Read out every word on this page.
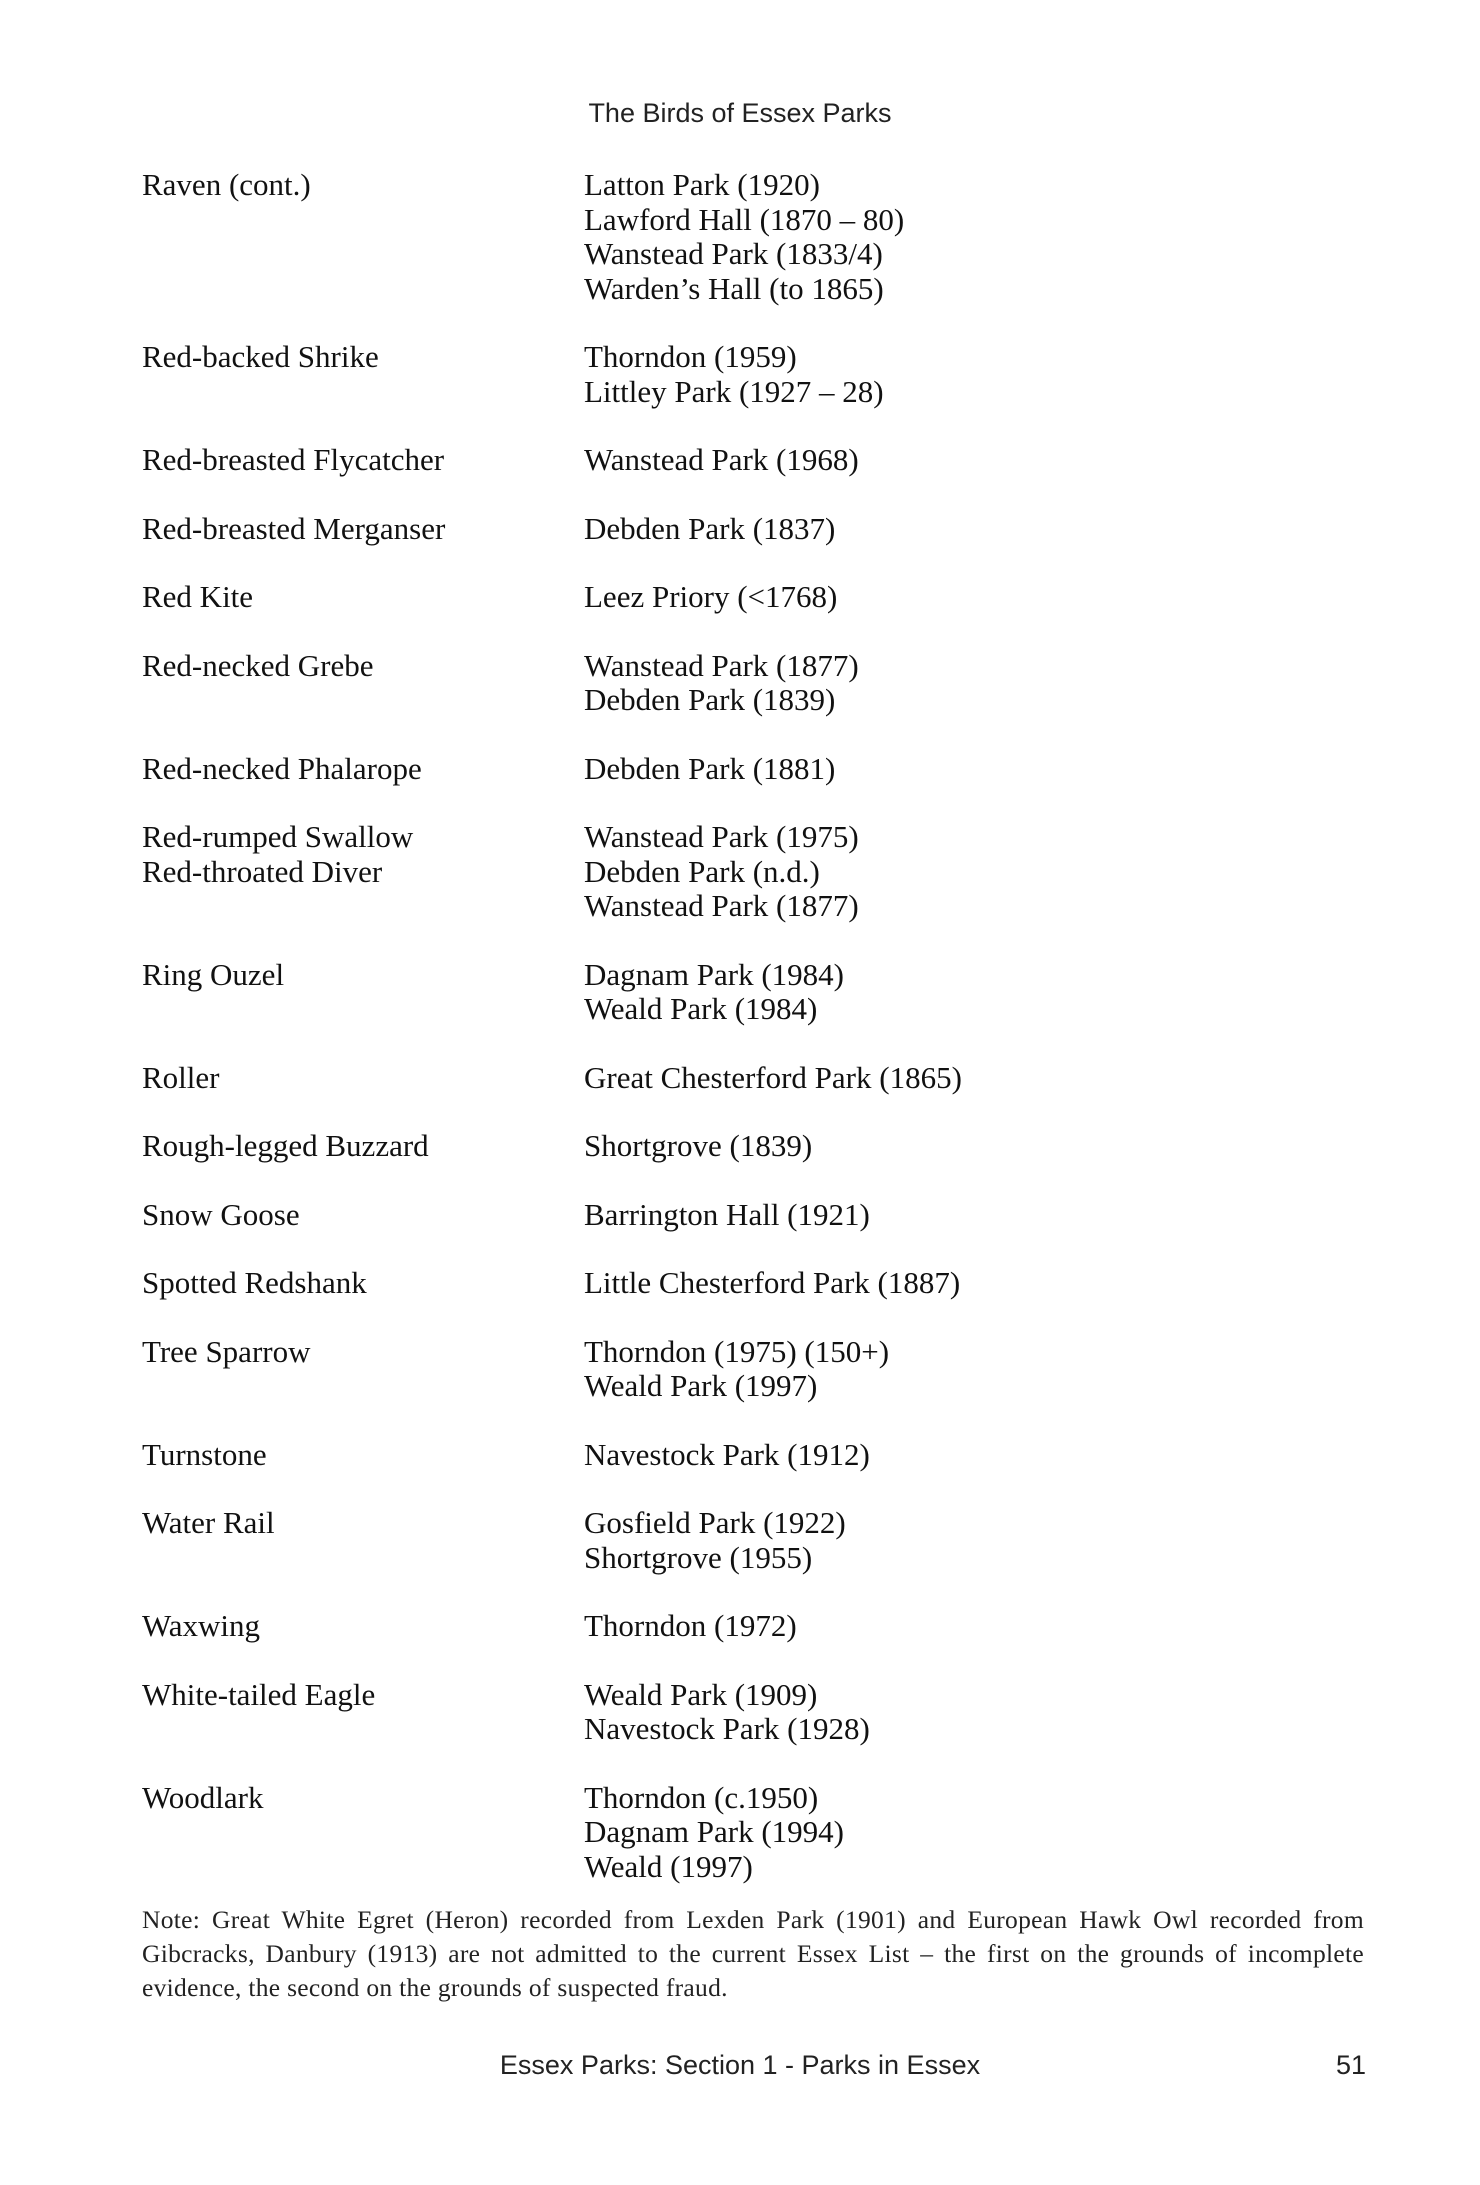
The Birds of Essex Parks
Raven (cont.)	Latton Park (1920)
Lawford Hall (1870 – 80)
Wanstead Park (1833/4)
Warden’s Hall (to 1865)
Red-backed Shrike	Thorndon (1959)
Littley Park (1927 – 28)
Red-breasted Flycatcher	Wanstead Park (1968)
Red-breasted Merganser	Debden Park (1837)
Red Kite	Leez Priory (<1768)
Red-necked Grebe	Wanstead Park (1877)
Debden Park (1839)
Red-necked Phalarope	Debden Park (1881)
Red-rumped Swallow	Wanstead Park (1975)
Red-throated Diver	Debden Park (n.d.)
Wanstead Park (1877)
Ring Ouzel	Dagnam Park (1984)
Weald Park (1984)
Roller	Great Chesterford Park (1865)
Rough-legged Buzzard	Shortgrove (1839)
Snow Goose	Barrington Hall (1921)
Spotted Redshank	Little Chesterford Park (1887)
Tree Sparrow	Thorndon (1975) (150+)
Weald Park (1997)
Turnstone	Navestock Park (1912)
Water Rail	Gosfield Park (1922)
Shortgrove (1955)
Waxwing	Thorndon (1972)
White-tailed Eagle	Weald Park (1909)
Navestock Park (1928)
Woodlark	Thorndon (c.1950)
Dagnam Park (1994)
Weald (1997)
Note: Great White Egret (Heron) recorded from Lexden Park (1901) and European Hawk Owl recorded from Gibcracks, Danbury (1913) are not admitted to the current Essex List – the first on the grounds of incomplete evidence, the second on the grounds of suspected fraud.
Essex Parks: Section 1 - Parks in Essex	51
